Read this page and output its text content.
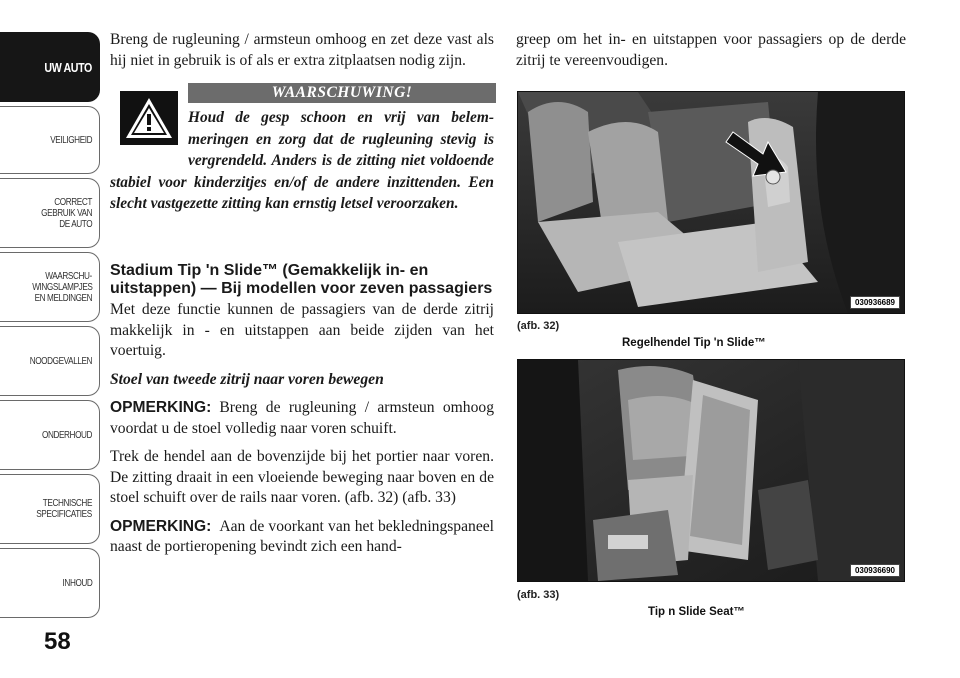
UW AUTO
VEILIGHEID
CORRECT
GEBRUIK VAN
DE AUTO
WAARSCHU-
WINGSLAMPJES
EN MELDINGEN
NOODGEVALLEN
ONDERHOUD
TECHNISCHE
SPECIFICATIES
INHOUD
58

Breng de rugleuning / armsteun omhoog en zet deze vast als hij niet in gebruik is of als er extra zitplaatsen nodig zijn.

WAARSCHUWING!

Houd de gesp schoon en vrij van belemmeringen en zorg dat de rugleuning stevig is vergrendeld. Anders is de zitting niet voldoende stabiel voor kinderzitjes en/of de andere inzittenden. Een slecht vastgezette zitting kan ernstig letsel veroorzaken.

Stadium Tip 'n Slide™ (Gemakkelijk in- en uitstappen) — Bij modellen voor zeven passagiers

Met deze functie kunnen de passagiers van de derde zitrij makkelijk in - en uitstappen aan beide zijden van het voertuig.

Stoel van tweede zitrij naar voren bewegen

OPMERKING: Breng de rugleuning / armsteun omhoog voordat u de stoel volledig naar voren schuift.

Trek de hendel aan de bovenzijde bij het portier naar voren. De zitting draait in een vloeiende beweging naar boven en de stoel schuift over de rails naar voren. (afb. 32) (afb. 33)

OPMERKING: Aan de voorkant van het bekledningspaneel naast de portieropening bevindt zich een hand-

greep om het in- en uitstappen voor passagiers op de derde zitrij te vereenvoudigen.

030936689
(afb. 32)
Regelhendel Tip 'n Slide™
030936690
(afb. 33)
Tip n Slide Seat™
